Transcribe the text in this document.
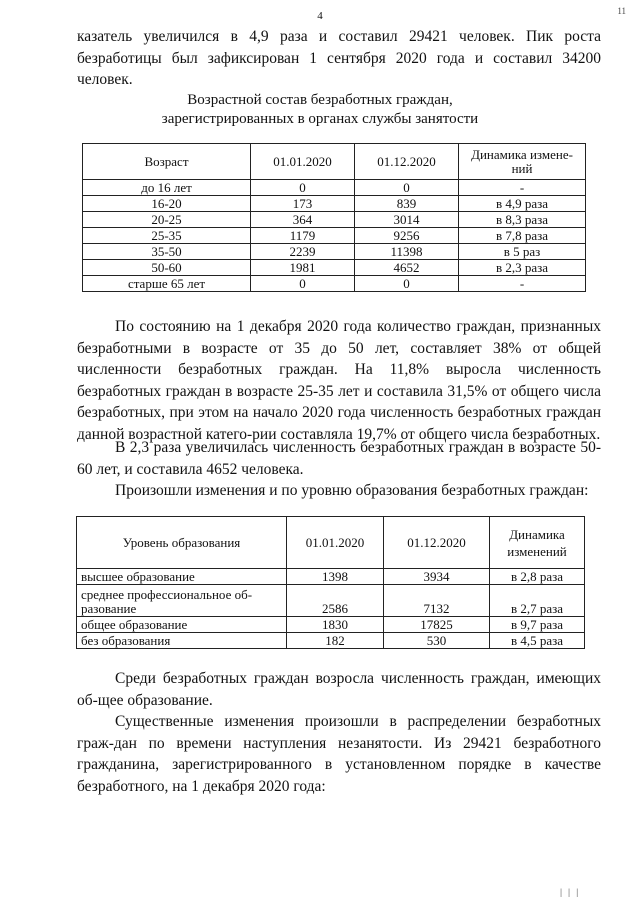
4	11

казатель увеличился в 4,9 раза и составил 29421 человек. Пик роста безработицы был зафиксирован 1 сентября 2020 года и составил 34200 человек.

Возрастной состав безработных граждан,
зарегистрированных в органах службы занятости
Возраст	01.01.2020	01.12.2020	Динамика измене-ний
до 16 лет	0	0	-
16-20	173	839	в 4,9 раза
20-25	364	3014	в 8,3 раза
25-35	1179	9256	в 7,8 раза
35-50	2239	11398	в 5 раз
50-60	1981	4652	в 2,3 раза
старше 65 лет	0	0	-

По состоянию на 1 декабря 2020 года количество граждан, признанных безработными в возрасте от 35 до 50 лет, составляет 38% от общей численности безработных граждан. На 11,8% выросла численность безработных граждан в возрасте 25-35 лет и составила 31,5% от общего числа безработных, при этом на начало 2020 года численность безработных граждан данной возрастной катего-рии составляла 19,7% от общего числа безработных.

В 2,3 раза увеличилась численность безработных граждан в возрасте 50-60 лет, и составила 4652 человека.

Произошли изменения и по уровню образования безработных граждан:

Уровень образования	01.01.2020	01.12.2020	Динамика изменений
высшее образование	1398	3934	в 2,8 раза
среднее профессиональное об-разование	2586	7132	в 2,7 раза
общее образование	1830	17825	в 9,7 раза
без образования	182	530	в 4,5 раза

Среди безработных граждан возросла численность граждан, имеющих об-щее образование.

Существенные изменения произошли в распределении безработных граж-дан по времени наступления незанятости. Из 29421 безработного гражданина, зарегистрированного в установленном порядке в качестве безработного, на 1 декабря 2020 года:

| | |
